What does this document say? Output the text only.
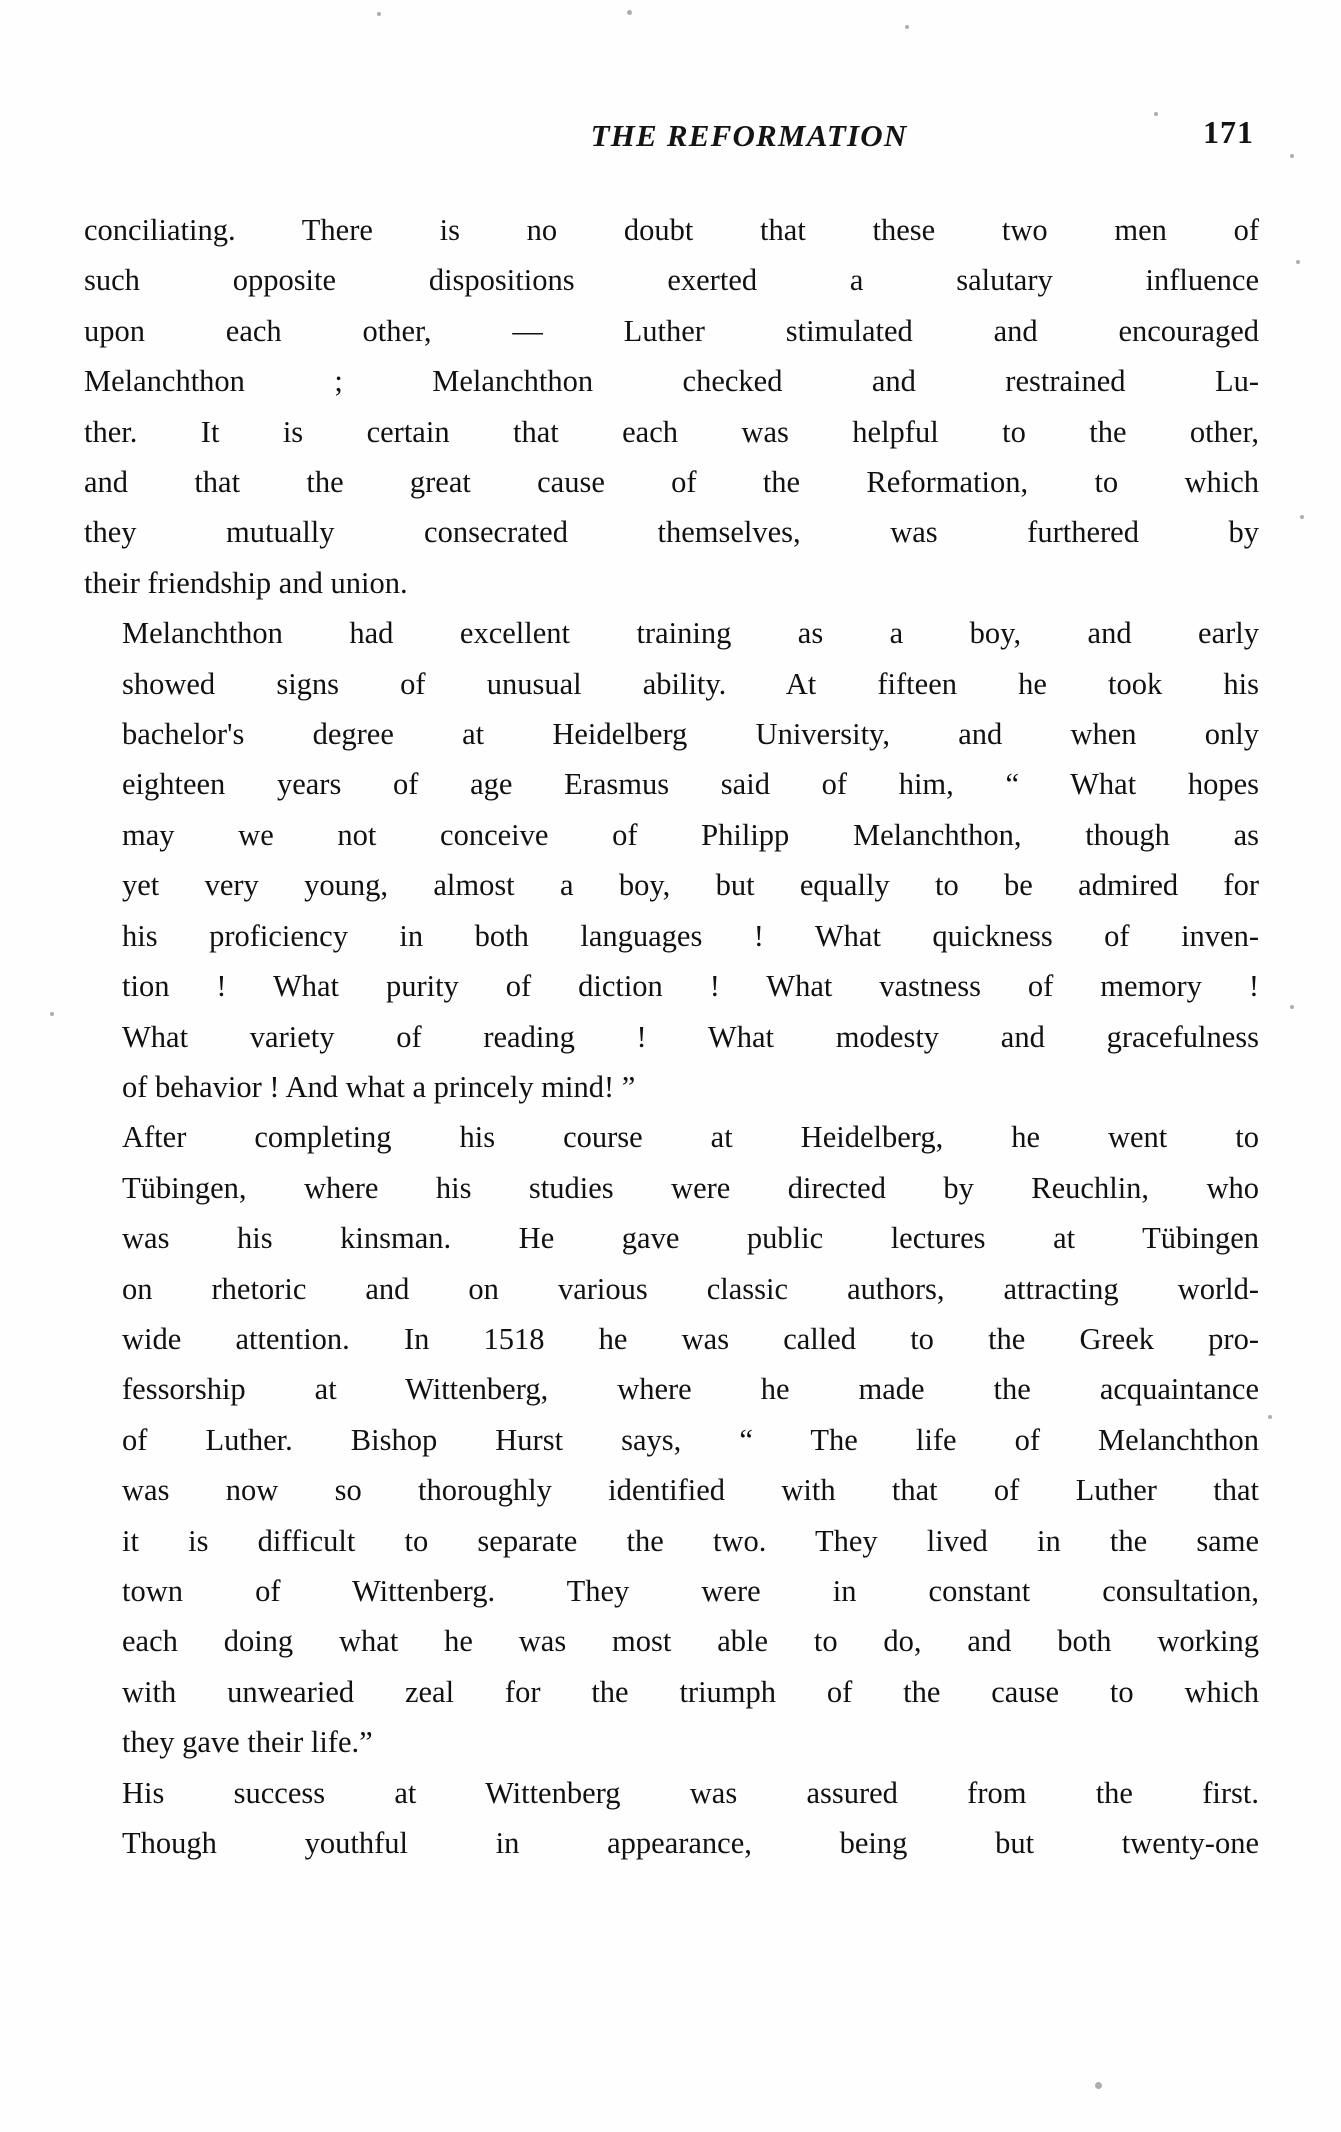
THE REFORMATION	171

conciliating. There is no doubt that these two men of
such opposite dispositions exerted a salutary influence
upon each other, — Luther stimulated and encouraged
Melanchthon ; Melanchthon checked and restrained Lu-
ther. It is certain that each was helpful to the other,
and that the great cause of the Reformation, to which
they mutually consecrated themselves, was furthered by
their friendship and union.

Melanchthon had excellent training as a boy, and early
showed signs of unusual ability. At fifteen he took his
bachelor's degree at Heidelberg University, and when only
eighteen years of age Erasmus said of him, “ What hopes
may we not conceive of Philipp Melanchthon, though as
yet very young, almost a boy, but equally to be admired for
his proficiency in both languages ! What quickness of inven-
tion ! What purity of diction ! What vastness of memory !
What variety of reading ! What modesty and gracefulness
of behavior ! And what a princely mind! ”

After completing his course at Heidelberg, he went to
Tübingen, where his studies were directed by Reuchlin, who
was his kinsman. He gave public lectures at Tübingen
on rhetoric and on various classic authors, attracting world-
wide attention. In 1518 he was called to the Greek pro-
fessorship at Wittenberg, where he made the acquaintance
of Luther. Bishop Hurst says, “ The life of Melanchthon
was now so thoroughly identified with that of Luther that
it is difficult to separate the two. They lived in the same
town of Wittenberg. They were in constant consultation,
each doing what he was most able to do, and both working
with unwearied zeal for the triumph of the cause to which
they gave their life.”

His success at Wittenberg was assured from the first.
Though youthful in appearance, being but twenty-one
